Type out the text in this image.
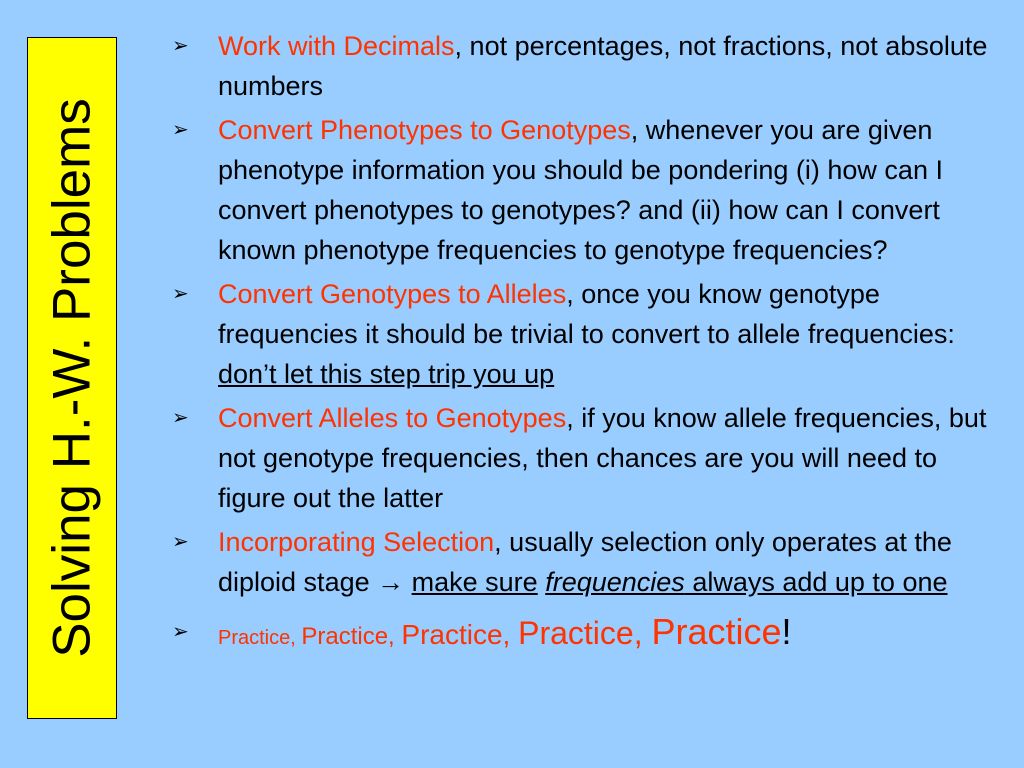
Solving H.-W. Problems
➢	Work with Decimals, not percentages, not fractions, not absolute numbers
➢	Convert Phenotypes to Genotypes, whenever you are given phenotype information you should be pondering (i) how can I convert phenotypes to genotypes? and (ii) how can I convert known phenotype frequencies to genotype frequencies?
➢	Convert Genotypes to Alleles, once you know genotype frequencies it should be trivial to convert to allele frequencies: don’t let this step trip you up
➢	Convert Alleles to Genotypes, if you know allele frequencies, but not genotype frequencies, then chances are you will need to figure out the latter
➢	Incorporating Selection, usually selection only operates at the diploid stage → make sure frequencies always add up to one
➢	Practice, Practice, Practice, Practice, Practice!
